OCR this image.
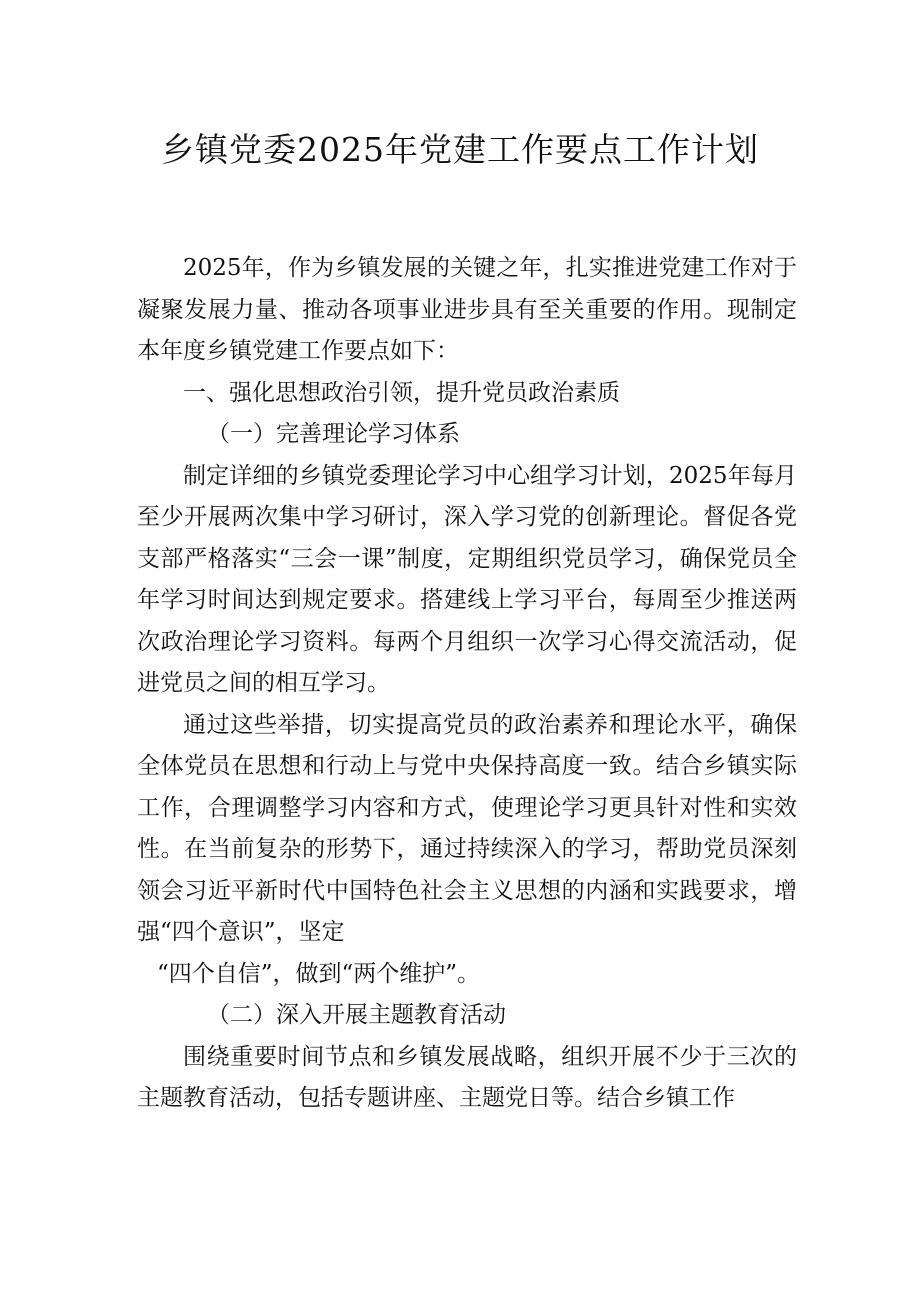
乡镇党委2025年党建工作要点工作计划

2025年，作为乡镇发展的关键之年，扎实推进党建工作对于凝聚发展力量、推动各项事业进步具有至关重要的作用。现制定本年度乡镇党建工作要点如下：

一、强化思想政治引领，提升党员政治素质

（一）完善理论学习体系

制定详细的乡镇党委理论学习中心组学习计划，2025年每月至少开展两次集中学习研讨，深入学习党的创新理论。督促各党支部严格落实“三会一课”制度，定期组织党员学习，确保党员全年学习时间达到规定要求。搭建线上学习平台，每周至少推送两次政治理论学习资料。每两个月组织一次学习心得交流活动，促进党员之间的相互学习。

通过这些举措，切实提高党员的政治素养和理论水平，确保全体党员在思想和行动上与党中央保持高度一致。结合乡镇实际工作，合理调整学习内容和方式，使理论学习更具针对性和实效性。在当前复杂的形势下，通过持续深入的学习，帮助党员深刻领会习近平新时代中国特色社会主义思想的内涵和实践要求，增强“四个意识”，坚定

“四个自信”，做到“两个维护”。

（二）深入开展主题教育活动

围绕重要时间节点和乡镇发展战略，组织开展不少于三次的主题教育活动，包括专题讲座、主题党日等。结合乡镇工作
